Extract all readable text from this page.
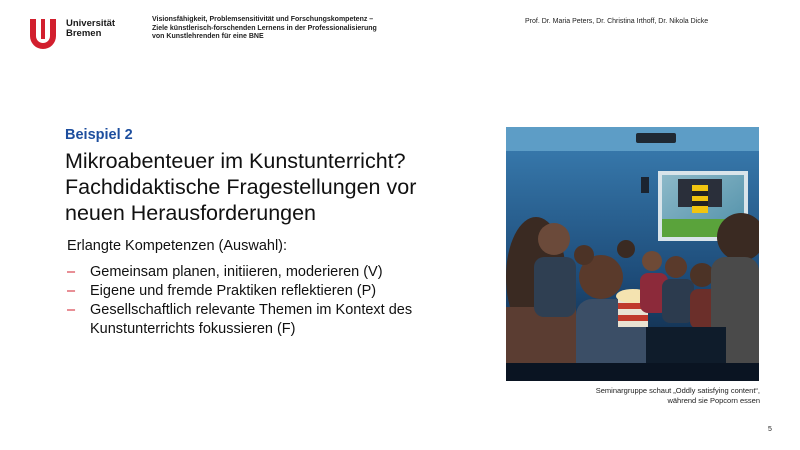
Universität
Bremen
Visionsfähigkeit, Problemsensitivität und Forschungskompetenz –
Ziele künstlerisch-forschenden Lernens in der Professionalisierung
von Kunstlehrenden für eine BNE
Prof. Dr. Maria Peters, Dr. Christina Irthoff, Dr. Nikola Dicke
Beispiel 2
Mikroabenteuer im Kunstunterricht?
Fachdidaktische Fragestellungen vor
neuen Herausforderungen
Erlangte Kompetenzen (Auswahl):
– Gemeinsam planen, initiieren, moderieren (V)
– Eigene und fremde Praktiken reflektieren (P)
– Gesellschaftlich relevante Themen im Kontext des Kunstunterrichts fokussieren (F)
Seminargruppe schaut „Oddly satisfying content“,
während sie Popcorn essen
5
